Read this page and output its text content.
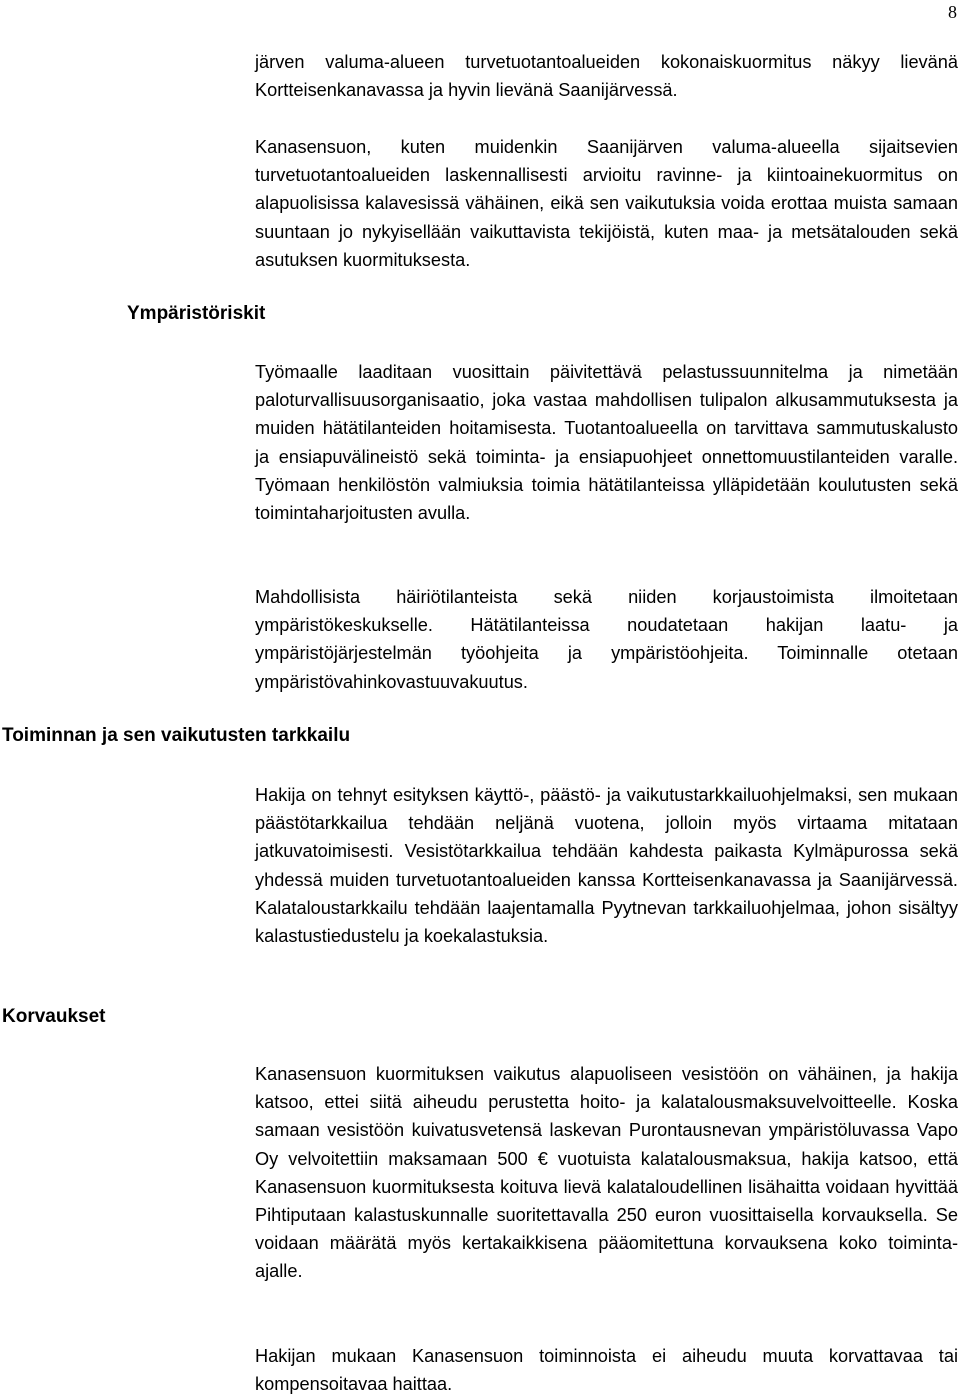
8

järven valuma-alueen turvetuotantoalueiden kokonaiskuormitus näkyy lievänä Kortteisenkanavassa ja hyvin lievänä Saanijärvessä.

Kanasensuon, kuten muidenkin Saanijärven valuma-alueella sijaitsevien turvetuotantoalueiden laskennallisesti arvioitu ravinne- ja kiintoainekuormitus on alapuolisissa kalavesissä vähäinen, eikä sen vaikutuksia voida erottaa muista samaan suuntaan jo nykyisellään vaikuttavista tekijöistä, kuten maa- ja metsätalouden sekä asutuksen kuormituksesta.

Ympäristöriskit

Työmaalle laaditaan vuosittain päivitettävä pelastussuunnitelma ja nimetään paloturvallisuusorganisaatio, joka vastaa mahdollisen tulipalon alkusammutuksesta ja muiden hätätilanteiden hoitamisesta. Tuotantoalueella on tarvittava sammutuskalusto ja ensiapuvälineistö sekä toiminta- ja ensiapuohjeet onnettomuustilanteiden varalle. Työmaan henkilöstön valmiuksia toimia hätätilanteissa ylläpidetään koulutusten sekä toimintaharjoitusten avulla.

Mahdollisista häiriötilanteista sekä niiden korjaustoimista ilmoitetaan ympäristökeskukselle. Hätätilanteissa noudatetaan hakijan laatu- ja ympäristöjärjestelmän työohjeita ja ympäristöohjeita. Toiminnalle otetaan ympäristövahinkovastuuvakuutus.

Toiminnan ja sen vaikutusten tarkkailu

Hakija on tehnyt esityksen käyttö-, päästö- ja vaikutustarkkailuohjelmaksi, sen mukaan päästötarkkailua tehdään neljänä vuotena, jolloin myös virtaama mitataan jatkuvatoimisesti. Vesistötarkkailua tehdään kahdesta paikasta Kylmäpurossa sekä yhdessä muiden turvetuotantoalueiden kanssa Kortteisenkanavassa ja Saanijärvessä. Kalataloustarkkailu tehdään laajentamalla Pyytnevan tarkkailuohjelmaa, johon sisältyy kalastustiedustelu ja koekalastuksia.

Korvaukset

Kanasensuon kuormituksen vaikutus alapuoliseen vesistöön on vähäinen, ja hakija katsoo, ettei siitä aiheudu perustetta hoito- ja kalatalousmaksuvelvoitteelle. Koska samaan vesistöön kuivatusvetensä laskevan Purontausnevan ympäristöluvassa Vapo Oy velvoitettiin maksamaan 500 € vuotuista kalatalousmaksua, hakija katsoo, että Kanasensuon kuormituksesta koituva lievä kalataloudellinen lisähaitta voidaan hyvittää Pihtiputaan kalastuskunnalle suoritettavalla 250 euron vuosittaisella korvauksella. Se voidaan määrätä myös kertakaikkisena pääomitettuna korvauksena koko toiminta-ajalle.

Hakijan mukaan Kanasensuon toiminnoista ei aiheudu muuta korvattavaa tai kompensoitavaa haittaa.
